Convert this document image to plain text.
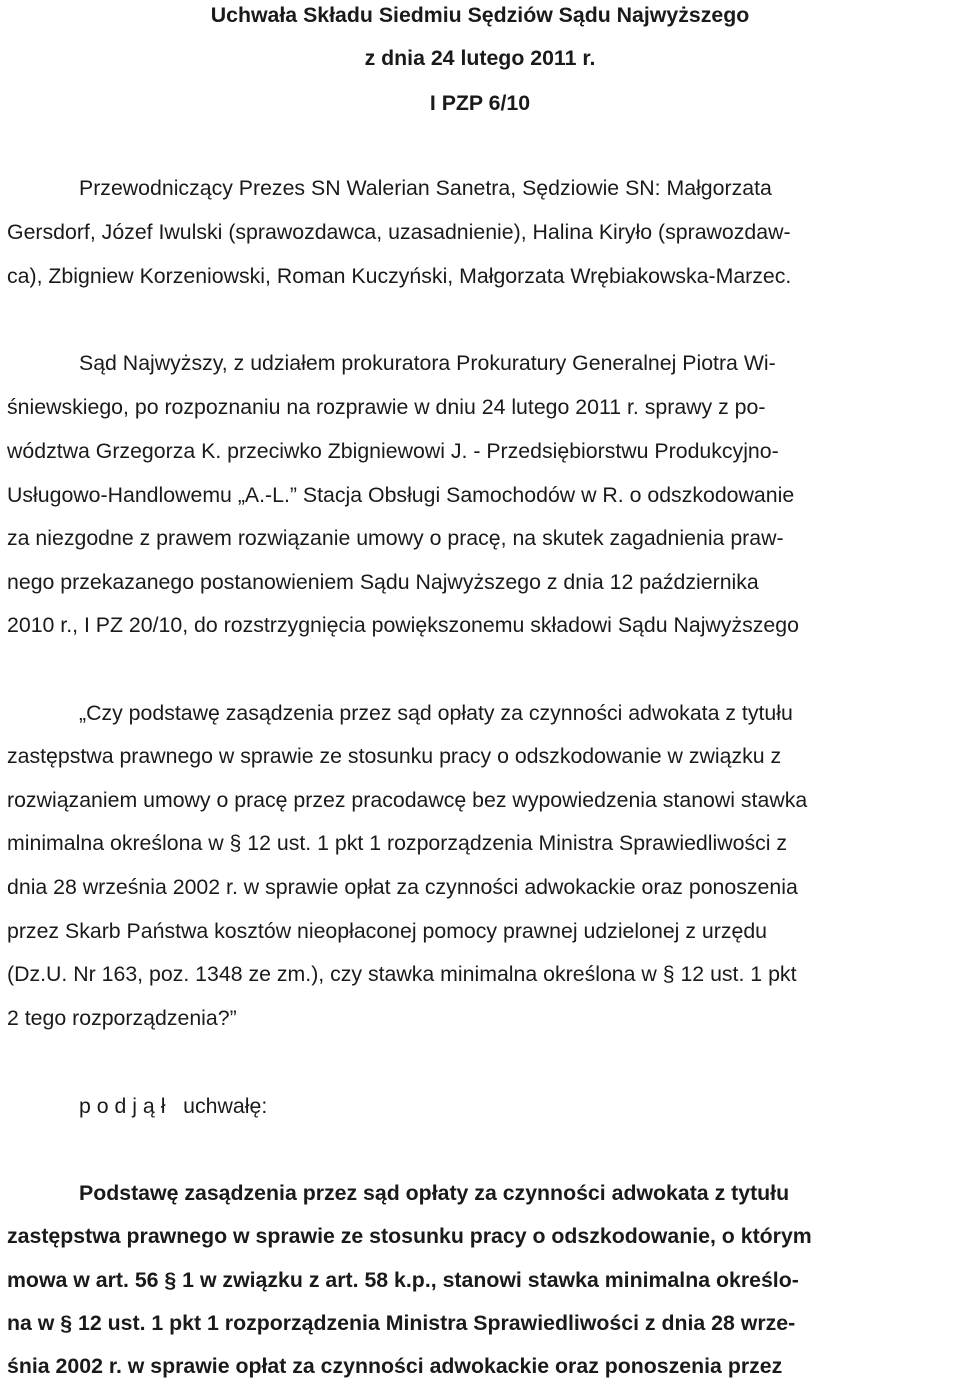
Uchwała Składu Siedmiu Sędziów Sądu Najwyższego

z dnia 24 lutego 2011 r.

I PZP 6/10

Przewodniczący Prezes SN Walerian Sanetra, Sędziowie SN: Małgorzata

Gersdorf, Józef Iwulski (sprawozdawca, uzasadnienie), Halina Kiryło (sprawozdaw-

ca), Zbigniew Korzeniowski, Roman Kuczyński, Małgorzata Wrębiakowska-Marzec.

Sąd Najwyższy, z udziałem prokuratora Prokuratury Generalnej Piotra Wi-

śniewskiego, po rozpoznaniu na rozprawie w dniu 24 lutego 2011 r. sprawy z po-

wództwa Grzegorza K. przeciwko Zbigniewowi J. - Przedsiębiorstwu Produkcyjno-

Usługowo-Handlowemu „A.-L.” Stacja Obsługi Samochodów w R. o odszkodowanie

za niezgodne z prawem rozwiązanie umowy o pracę, na skutek zagadnienia praw-

nego przekazanego postanowieniem Sądu Najwyższego z dnia 12 października

2010 r., I PZ 20/10, do rozstrzygnięcia powiększonemu składowi Sądu Najwyższego

„Czy podstawę zasądzenia przez sąd opłaty za czynności adwokata z tytułu

zastępstwa prawnego w sprawie ze stosunku pracy o odszkodowanie w związku z

rozwiązaniem umowy o pracę przez pracodawcę bez wypowiedzenia stanowi stawka

minimalna określona w § 12 ust. 1 pkt 1 rozporządzenia Ministra Sprawiedliwości z

dnia 28 września 2002 r. w sprawie opłat za czynności adwokackie oraz ponoszenia

przez Skarb Państwa kosztów nieopłaconej pomocy prawnej udzielonej z urzędu

(Dz.U. Nr 163, poz. 1348 ze zm.), czy stawka minimalna określona w § 12 ust. 1 pkt

2 tego rozporządzenia?”

p o d j ą ł   uchwałę:

Podstawę zasądzenia przez sąd opłaty za czynności adwokata z tytułu

zastępstwa prawnego w sprawie ze stosunku pracy o odszkodowanie, o którym

mowa w art. 56 § 1 w związku z art. 58 k.p., stanowi stawka minimalna określo-

na w § 12 ust. 1 pkt 1 rozporządzenia Ministra Sprawiedliwości z dnia 28 wrze-

śnia 2002 r. w sprawie opłat za czynności adwokackie oraz ponoszenia przez
